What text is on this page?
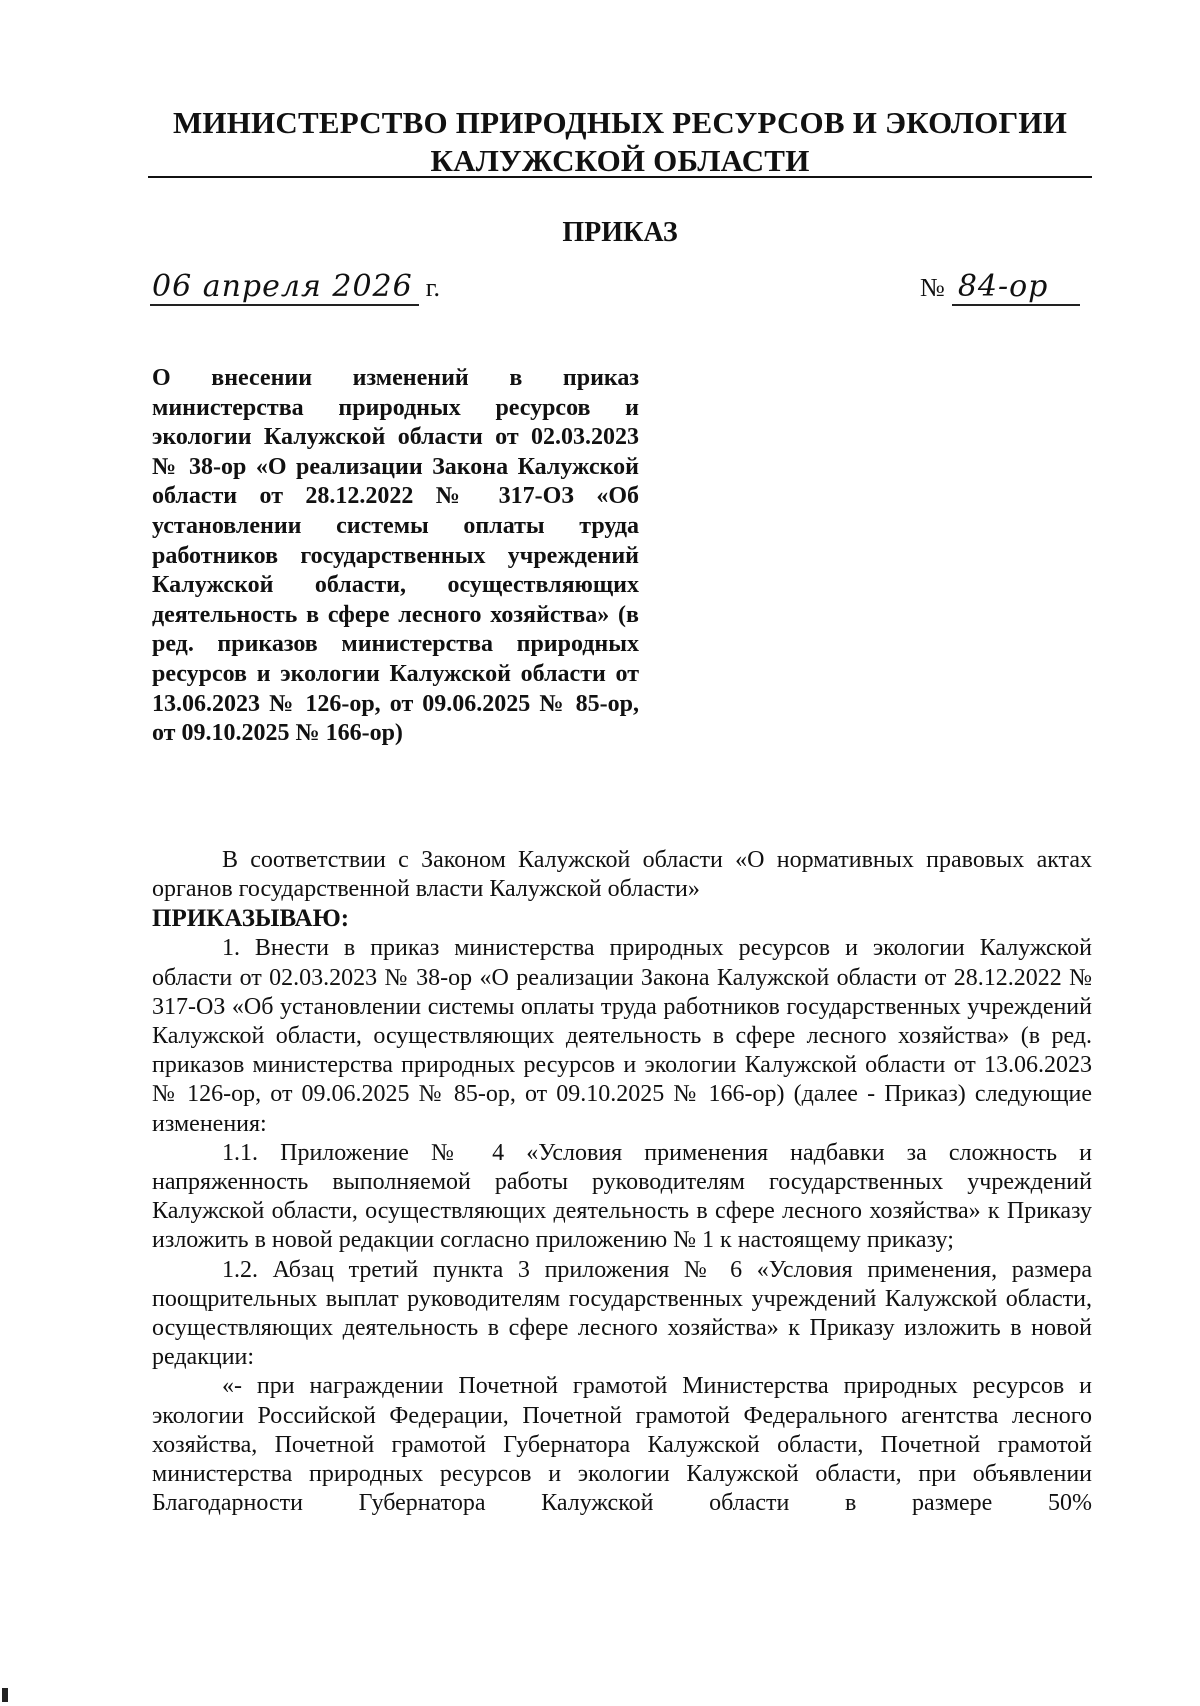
МИНИСТЕРСТВО ПРИРОДНЫХ РЕСУРСОВ И ЭКОЛОГИИ
КАЛУЖСКОЙ ОБЛАСТИ
ПРИКАЗ
06 апреля 2026 г.	№ 84-ор
О внесении изменений в приказ министерства природных ресурсов и экологии Калужской области от 02.03.2023 № 38-ор «О реализации Закона Калужской области от 28.12.2022 № 317-ОЗ «Об установлении системы оплаты труда работников государственных учреждений Калужской области, осуществляющих деятельность в сфере лесного хозяйства» (в ред. приказов министерства природных ресурсов и экологии Калужской области от 13.06.2023 № 126-ор, от 09.06.2025 № 85-ор, от 09.10.2025 № 166-ор)

В соответствии с Законом Калужской области «О нормативных правовых актах органов государственной власти Калужской области»

ПРИКАЗЫВАЮ:

1. Внести в приказ министерства природных ресурсов и экологии Калужской области от 02.03.2023 № 38-ор «О реализации Закона Калужской области от 28.12.2022 № 317-ОЗ «Об установлении системы оплаты труда работников государственных учреждений Калужской области, осуществляющих деятельность в сфере лесного хозяйства» (в ред. приказов министерства природных ресурсов и экологии Калужской области от 13.06.2023 № 126-ор, от 09.06.2025 № 85-ор, от 09.10.2025 № 166-ор) (далее - Приказ) следующие изменения:

1.1. Приложение № 4 «Условия применения надбавки за сложность и напряженность выполняемой работы руководителям государственных учреждений Калужской области, осуществляющих деятельность в сфере лесного хозяйства» к Приказу изложить в новой редакции согласно приложению № 1 к настоящему приказу;

1.2. Абзац третий пункта 3 приложения № 6 «Условия применения, размера поощрительных выплат руководителям государственных учреждений Калужской области, осуществляющих деятельность в сфере лесного хозяйства» к Приказу изложить в новой редакции:

«- при награждении Почетной грамотой Министерства природных ресурсов и экологии Российской Федерации, Почетной грамотой Федерального агентства лесного хозяйства, Почетной грамотой Губернатора Калужской области, Почетной грамотой министерства природных ресурсов и экологии Калужской области, при объявлении Благодарности Губернатора Калужской области в размере 50%
